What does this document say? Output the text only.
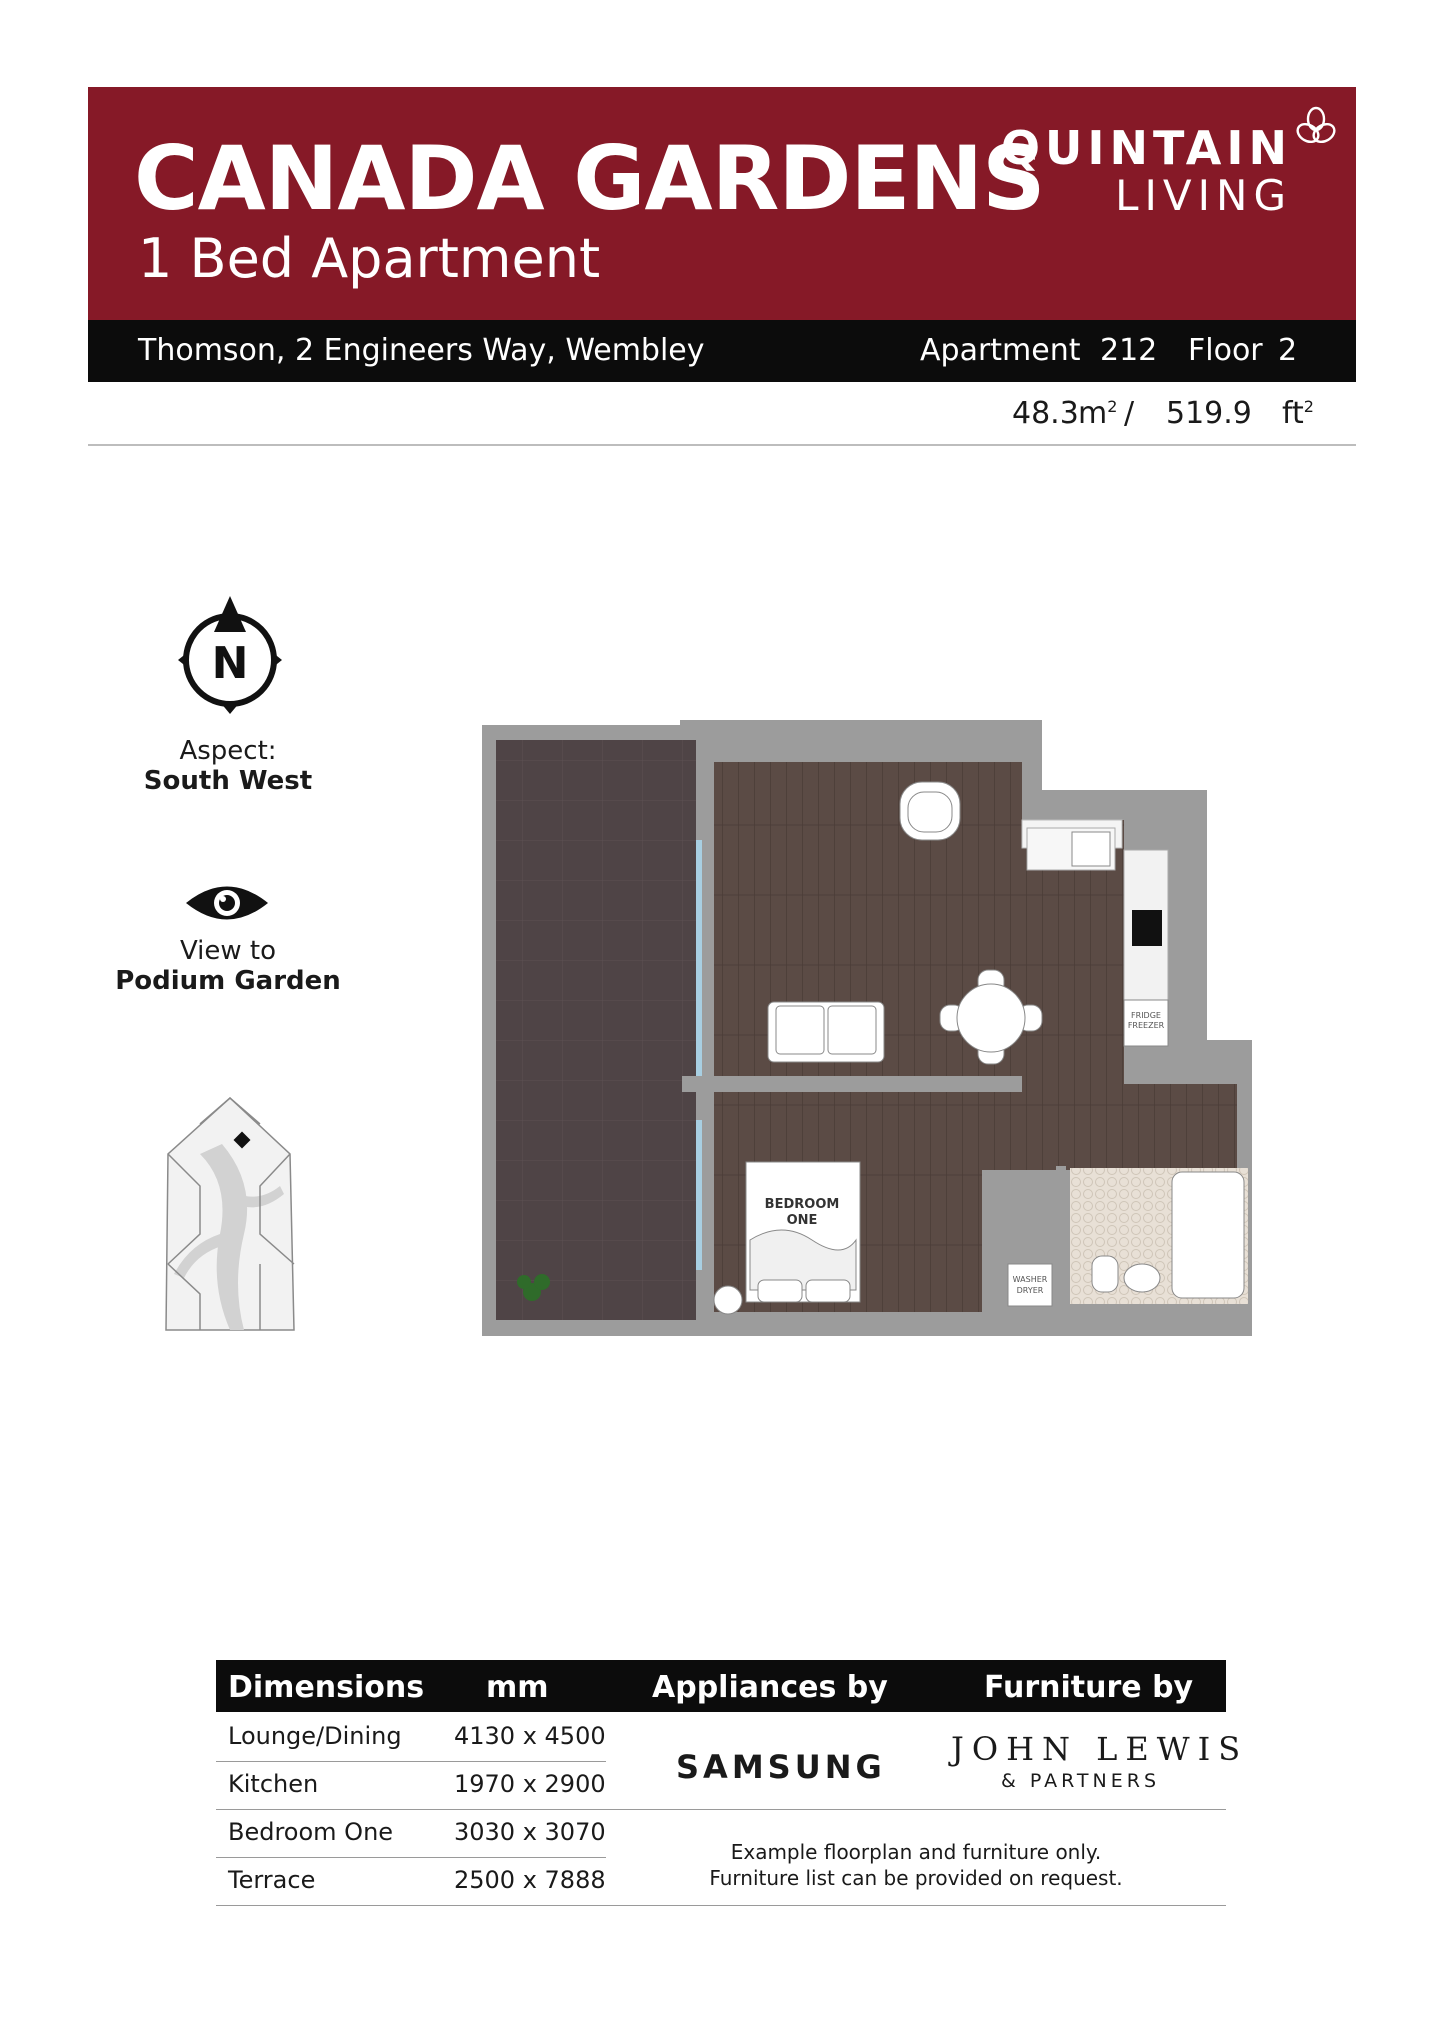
CANADA GARDENS
1 Bed Apartment
QUINTAIN
LIVING
Thomson, 2 Engineers Way, Wembley	Apartment 212 Floor 2
48.3 $m^2 / 519.9$ $ft^2$
N
Aspect:
South West
View to
Podium Garden
FRIDGE
FREEZER
BEDROOM
ONE
WASHER
DRYER
Dimensions mm	Appliances by	Furniture by
Lounge/Dining 4130 x 4500
Kitchen	1970 x 2900
Bedroom One	3030 x 3070
Terrace	2500 x 7888
SAMSUNG JOHN LEWIS
& PARTNERS
Example floorplan and furniture only.
Furniture list can be provided on request.
